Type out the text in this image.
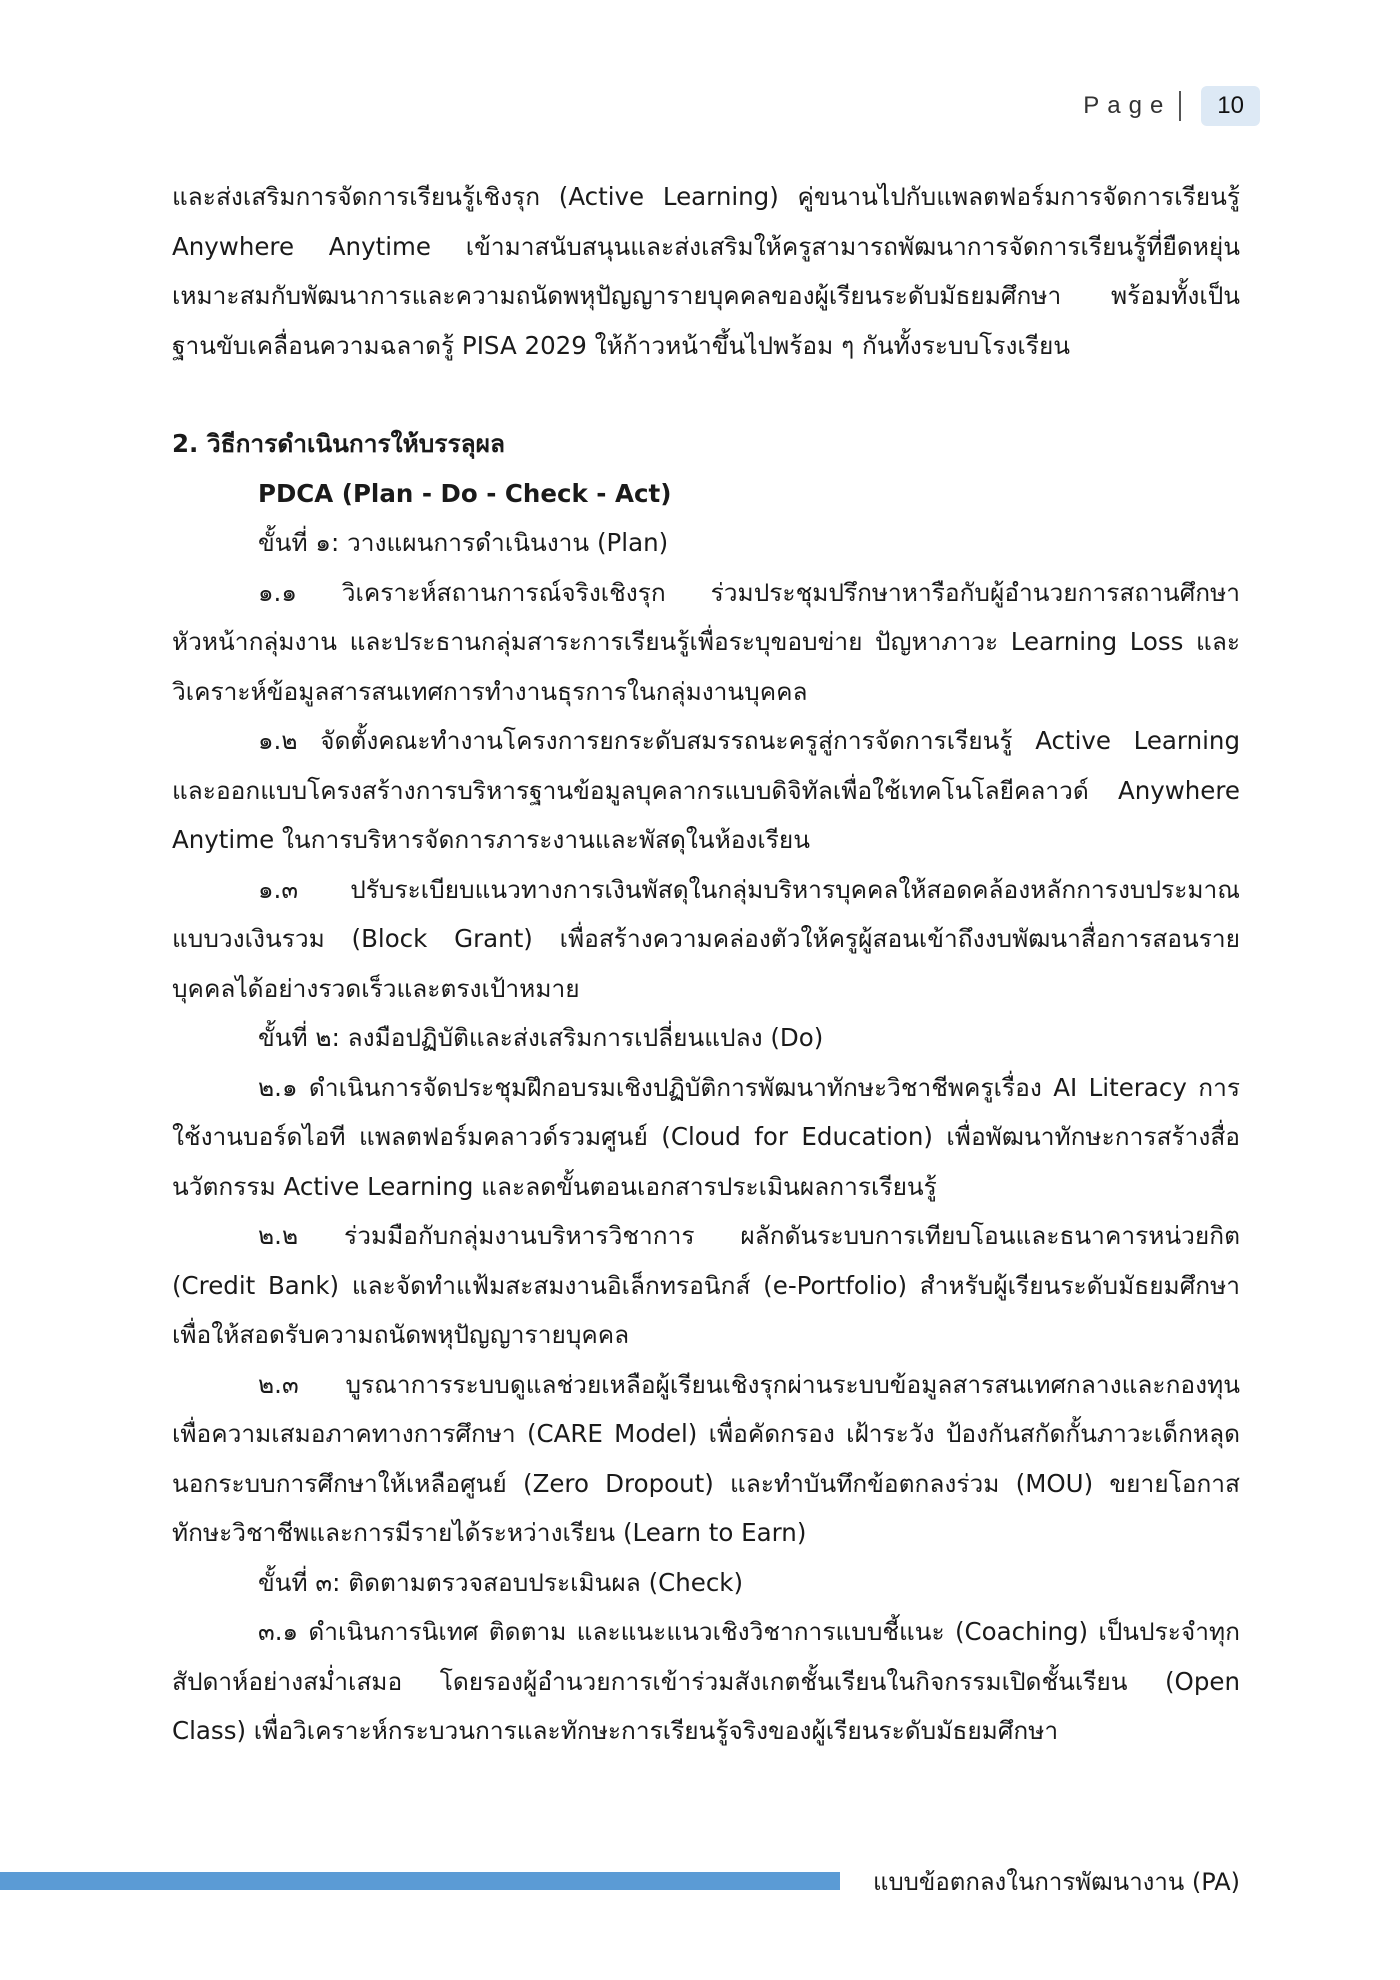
Page	10

และส่งเสริมการจัดการเรียนรู้เชิงรุก (Active Learning) คู่ขนานไปกับแพลตฟอร์มการจัดการเรียนรู้ Anywhere Anytime เข้ามาสนับสนุนและส่งเสริมให้ครูสามารถพัฒนาการจัดการเรียนรู้ที่ยืดหยุ่น เหมาะสมกับพัฒนาการและความถนัดพหุปัญญารายบุคคลของผู้เรียนระดับมัธยมศึกษา พร้อมทั้งเป็นฐานขับเคลื่อนความฉลาดรู้ PISA 2029 ให้ก้าวหน้าขึ้นไปพร้อม ๆ กันทั้งระบบโรงเรียน

2. วิธีการดำเนินการให้บรรลุผล

PDCA (Plan - Do - Check - Act)

ขั้นที่ ๑: วางแผนการดำเนินงาน (Plan)

๑.๑ วิเคราะห์สถานการณ์จริงเชิงรุก ร่วมประชุมปรึกษาหารือกับผู้อำนวยการสถานศึกษา หัวหน้ากลุ่มงาน และประธานกลุ่มสาระการเรียนรู้เพื่อระบุขอบข่าย ปัญหาภาวะ Learning Loss และวิเคราะห์ข้อมูลสารสนเทศการทำงานธุรการในกลุ่มงานบุคคล

๑.๒ จัดตั้งคณะทำงานโครงการยกระดับสมรรถนะครูสู่การจัดการเรียนรู้ Active Learning และออกแบบโครงสร้างการบริหารฐานข้อมูลบุคลากรแบบดิจิทัลเพื่อใช้เทคโนโลยีคลาวด์ Anywhere Anytime ในการบริหารจัดการภาระงานและพัสดุในห้องเรียน

๑.๓ ปรับระเบียบแนวทางการเงินพัสดุในกลุ่มบริหารบุคคลให้สอดคล้องหลักการงบประมาณแบบวงเงินรวม (Block Grant) เพื่อสร้างความคล่องตัวให้ครูผู้สอนเข้าถึงงบพัฒนาสื่อการสอนรายบุคคลได้อย่างรวดเร็วและตรงเป้าหมาย

ขั้นที่ ๒: ลงมือปฏิบัติและส่งเสริมการเปลี่ยนแปลง (Do)

๒.๑ ดำเนินการจัดประชุมฝึกอบรมเชิงปฏิบัติการพัฒนาทักษะวิชาชีพครูเรื่อง AI Literacy การใช้งานบอร์ดไอที แพลตฟอร์มคลาวด์รวมศูนย์ (Cloud for Education) เพื่อพัฒนาทักษะการสร้างสื่อนวัตกรรม Active Learning และลดขั้นตอนเอกสารประเมินผลการเรียนรู้

๒.๒ ร่วมมือกับกลุ่มงานบริหารวิชาการ ผลักดันระบบการเทียบโอนและธนาคารหน่วยกิต (Credit Bank) และจัดทำแฟ้มสะสมงานอิเล็กทรอนิกส์ (e-Portfolio) สำหรับผู้เรียนระดับมัธยมศึกษา เพื่อให้สอดรับความถนัดพหุปัญญารายบุคคล

๒.๓ บูรณาการระบบดูแลช่วยเหลือผู้เรียนเชิงรุกผ่านระบบข้อมูลสารสนเทศกลางและกองทุนเพื่อความเสมอภาคทางการศึกษา (CARE Model) เพื่อคัดกรอง เฝ้าระวัง ป้องกันสกัดกั้นภาวะเด็กหลุดนอกระบบการศึกษาให้เหลือศูนย์ (Zero Dropout) และทำบันทึกข้อตกลงร่วม (MOU) ขยายโอกาสทักษะวิชาชีพและการมีรายได้ระหว่างเรียน (Learn to Earn)

ขั้นที่ ๓: ติดตามตรวจสอบประเมินผล (Check)

๓.๑ ดำเนินการนิเทศ ติดตาม และแนะแนวเชิงวิชาการแบบชี้แนะ (Coaching) เป็นประจำทุกสัปดาห์อย่างสม่ำเสมอ โดยรองผู้อำนวยการเข้าร่วมสังเกตชั้นเรียนในกิจกรรมเปิดชั้นเรียน (Open Class) เพื่อวิเคราะห์กระบวนการและทักษะการเรียนรู้จริงของผู้เรียนระดับมัธยมศึกษา

แบบข้อตกลงในการพัฒนางาน (PA)
